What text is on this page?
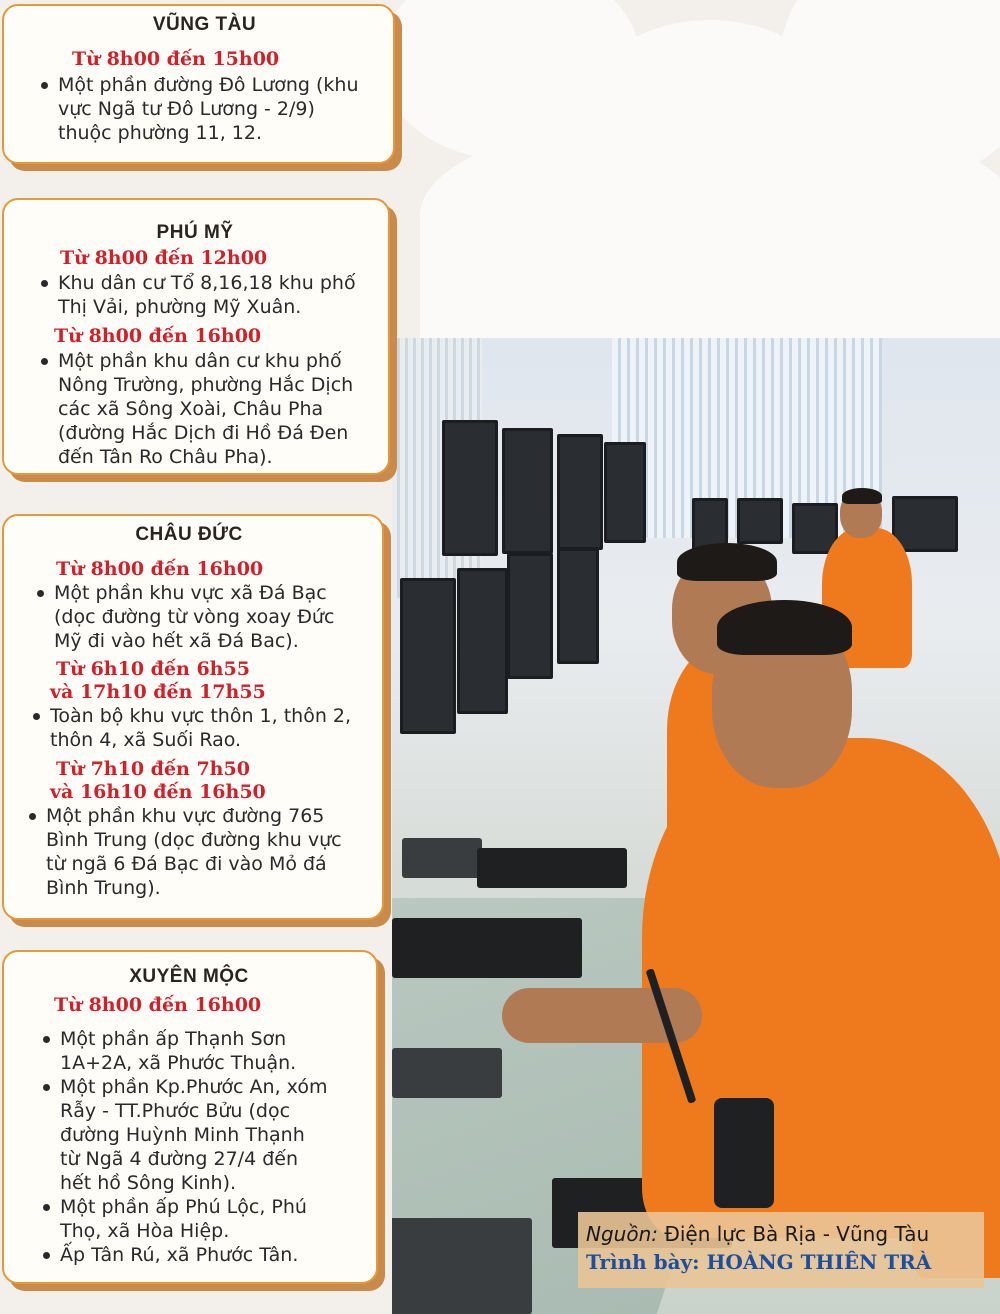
VŨNG TÀU
Từ 8h00 đến 15h00
Một phần đường Đô Lương (khu vực Ngã tư Đô Lương - 2/9) thuộc phường 11, 12.
PHÚ MỸ
Từ 8h00 đến 12h00
Khu dân cư Tổ 8,16,18 khu phố Thị Vải, phường Mỹ Xuân.
Từ 8h00 đến 16h00
Một phần khu dân cư khu phố Nông Trường, phường Hắc Dịch các xã Sông Xoài, Châu Pha (đường Hắc Dịch đi Hồ Đá Đen đến Tân Ro Châu Pha).
CHÂU ĐỨC
Từ 8h00 đến 16h00
Một phần khu vực xã Đá Bạc (dọc đường từ vòng xoay Đức Mỹ đi vào hết xã Đá Bac).
Từ 6h10 đến 6h55
và 17h10 đến 17h55
Toàn bộ khu vực thôn 1, thôn 2, thôn 4, xã Suối Rao.
Từ 7h10 đến 7h50
và 16h10 đến 16h50
Một phần khu vực đường 765 Bình Trung (dọc đường khu vực từ ngã 6 Đá Bạc đi vào Mỏ đá Bình Trung).
XUYÊN MỘC
Từ 8h00 đến 16h00
Một phần ấp Thạnh Sơn 1A+2A, xã Phước Thuận.
Một phần Kp.Phước An, xóm Rẫy - TT.Phước Bửu (dọc đường Huỳnh Minh Thạnh từ Ngã 4 đường 27/4 đến hết hồ Sông Kinh).
Một phần ấp Phú Lộc, Phú Thọ, xã Hòa Hiệp.
Ấp Tân Rú, xã Phước Tân.
Nguồn: Điện lực Bà Rịa - Vũng Tàu
Trình bày: HOÀNG THIÊN TRÀ
